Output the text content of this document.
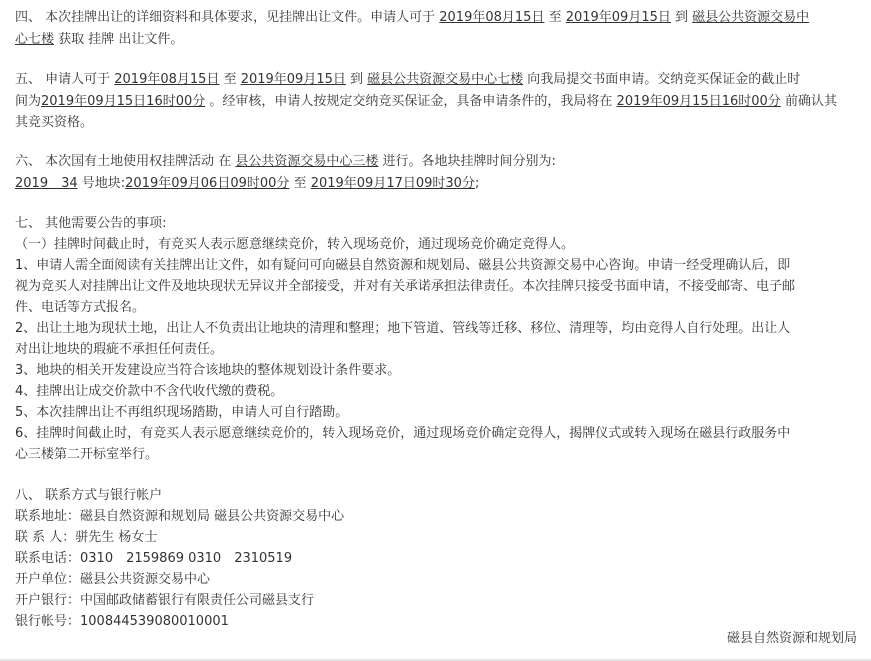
四、 本次挂牌出让的详细资料和具体要求，见挂牌出让文件。申请人可于 2019年08月15日 至 2019年09月15日 到 磁县公共资源交易中
心七楼 获取 挂牌 出让文件。
五、 申请人可于 2019年08月15日 至 2019年09月15日 到 磁县公共资源交易中心七楼 向我局提交书面申请。交纳竞买保证金的截止时
间为2019年09月15日16时00分 。经审核，申请人按规定交纳竞买保证金，具备申请条件的，我局将在 2019年09月15日16时00分 前确认其
其竞买资格。
六、 本次国有土地使用权挂牌活动 在 县公共资源交易中心三楼 进行。各地块挂牌时间分别为:
2019　34 号地块:2019年09月06日09时00分 至 2019年09月17日09时30分;
七、 其他需要公告的事项:
（一）挂牌时间截止时，有竞买人表示愿意继续竞价，转入现场竞价，通过现场竞价确定竞得人。
1、申请人需全面阅读有关挂牌出让文件，如有疑问可向磁县自然资源和规划局、磁县公共资源交易中心咨询。申请一经受理确认后，即
视为竞买人对挂牌出让文件及地块现状无异议并全部接受，并对有关承诺承担法律责任。本次挂牌只接受书面申请，不接受邮寄、电子邮
件、电话等方式报名。
2、出让土地为现状土地，出让人不负责出让地块的清理和整理；地下管道、管线等迁移、移位、清理等，均由竞得人自行处理。出让人
对出让地块的瑕疵不承担任何责任。
3、地块的相关开发建设应当符合该地块的整体规划设计条件要求。
4、挂牌出让成交价款中不含代收代缴的费税。
5、本次挂牌出让不再组织现场踏勘，申请人可自行踏勘。
6、挂牌时间截止时，有竞买人表示愿意继续竞价的，转入现场竞价，通过现场竞价确定竞得人，揭牌仪式或转入现场在磁县行政服务中
心三楼第二开标室举行。
八、 联系方式与银行帐户
联系地址：磁县自然资源和规划局 磁县公共资源交易中心
联 系 人：骈先生 杨女士
联系电话：0310　2159869 0310　2310519
开户单位：磁县公共资源交易中心
开户银行：中国邮政储蓄银行有限责任公司磁县支行
银行帐号：100844539080010001
磁县自然资源和规划局
